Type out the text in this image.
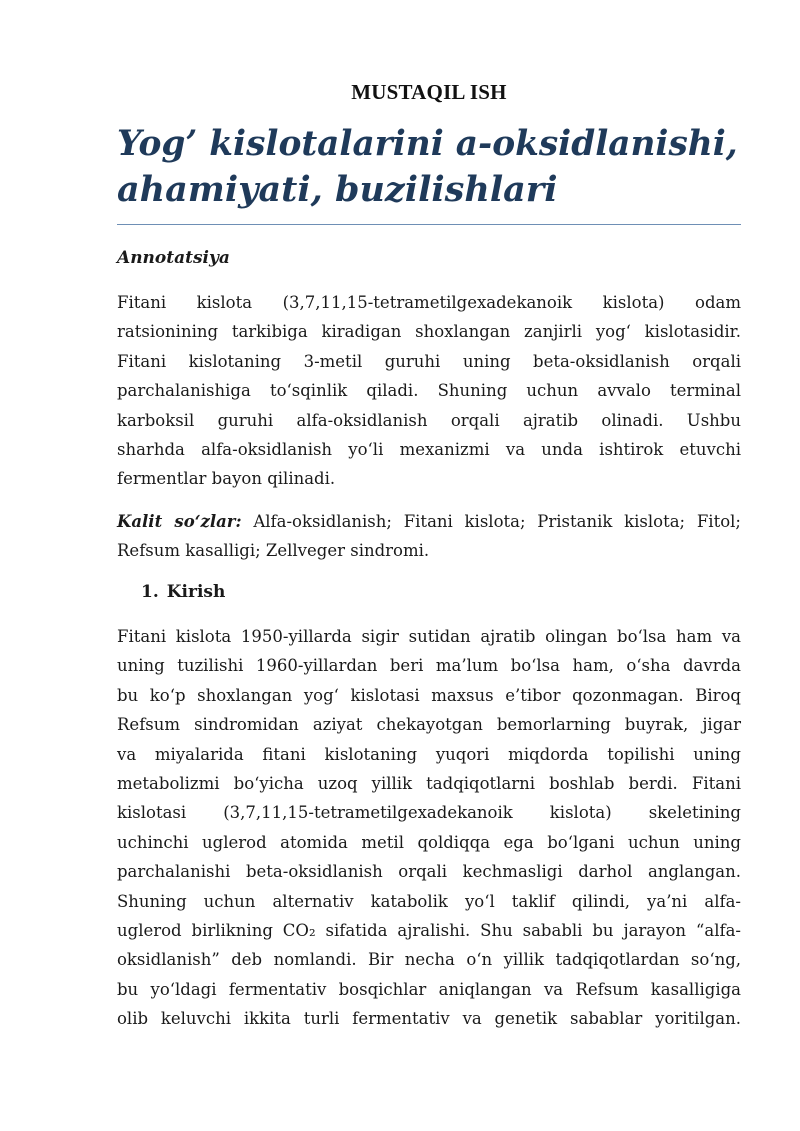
MUSTAQIL ISH
Yog’ kislotalarini a-oksidlanishi,
ahamiyati, buzilishlari
Annotatsiya
Fitani kislota (3,7,11,15-tetrametilgexadekanoik kislota) odam
ratsionining tarkibiga kiradigan shoxlangan zanjirli yog‘ kislotasidir.
Fitani kislotaning 3-metil guruhi uning beta-oksidlanish orqali
parchalanishiga to‘sqinlik qiladi. Shuning uchun avvalo terminal
karboksil guruhi alfa-oksidlanish orqali ajratib olinadi. Ushbu
sharhda alfa-oksidlanish yo‘li mexanizmi va unda ishtirok etuvchi
fermentlar bayon qilinadi.
Kalit so‘zlar: Alfa-oksidlanish; Fitani kislota; Pristanik kislota; Fitol;
Refsum kasalligi; Zellveger sindromi.
1. Kirish
Fitani kislota 1950-yillarda sigir sutidan ajratib olingan bo‘lsa ham va
uning tuzilishi 1960-yillardan beri ma’lum bo‘lsa ham, o‘sha davrda
bu ko‘p shoxlangan yog‘ kislotasi maxsus e’tibor qozonmagan. Biroq
Refsum sindromidan aziyat chekayotgan bemorlarning buyrak, jigar
va miyalarida fitani kislotaning yuqori miqdorda topilishi uning
metabolizmi bo‘yicha uzoq yillik tadqiqotlarni boshlab berdi. Fitani
kislotasi (3,7,11,15-tetrametilgexadekanoik kislota) skeletining
uchinchi uglerod atomida metil qoldiqqa ega bo‘lgani uchun uning
parchalanishi beta-oksidlanish orqali kechmasligi darhol anglangan.
Shuning uchun alternativ katabolik yo‘l taklif qilindi, ya’ni alfa-
uglerod birlikning CO₂ sifatida ajralishi. Shu sababli bu jarayon “alfa-
oksidlanish” deb nomlandi. Bir necha o‘n yillik tadqiqotlardan so‘ng,
bu yo‘ldagi fermentativ bosqichlar aniqlangan va Refsum kasalligiga
olib keluvchi ikkita turli fermentativ va genetik sabablar yoritilgan.
